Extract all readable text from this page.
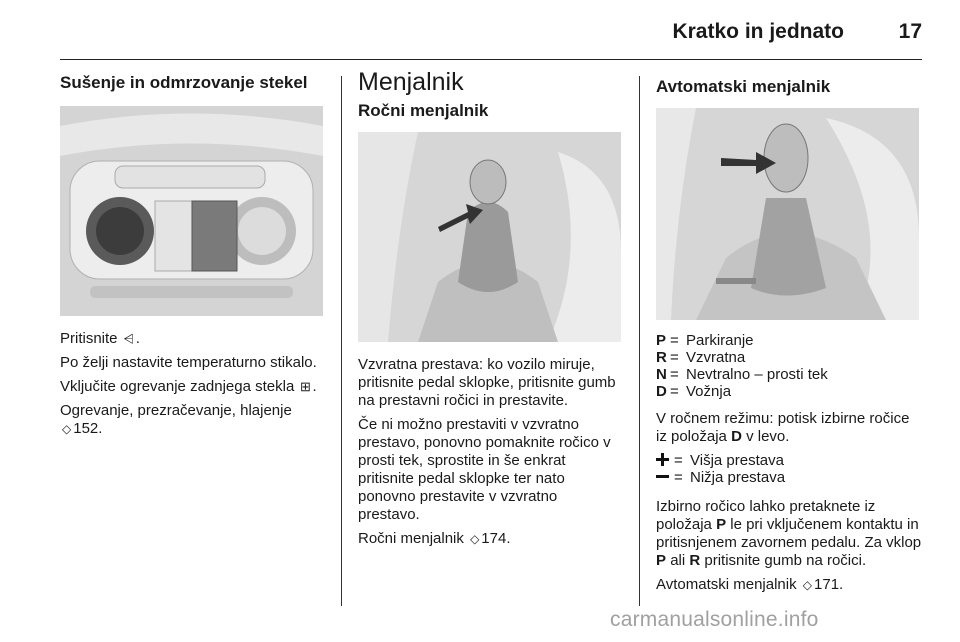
Kratko in jednato	17
Sušenje in odmrzovanje stekel

Pritisnite ⩤ .

Po želji nastavite temperaturno stikalo.

Vključite ogrevanje zadnjega stekla ⊞ .

Ogrevanje, prezračevanje, hlajenje
◇ 152.

Menjalnik
Ročni menjalnik

Vzvratna prestava: ko vozilo miruje, pritisnite pedal sklopke, pritisnite gumb na prestavni ročici in prestavite.

Če ni možno prestaviti v vzvratno prestavo, ponovno pomaknite ročico v prosti tek, sprostite in še enkrat pritisnite pedal sklopke ter nato ponovno prestavite v vzvratno prestavo.

Ročni menjalnik ◇ 174.

Avtomatski menjalnik
P = Parkiranje
R = Vzvratna
N = Nevtralno – prosti tek
D = Vožnja

V ročnem režimu: potisk izbirne ročice iz položaja D v levo.

= Višja prestava
= Nižja prestava

Izbirno ročico lahko pretaknete iz položaja P le pri vključenem kontaktu in pritisnjenem zavornem pedalu. Za vklop P ali R pritisnite gumb na ročici.

Avtomatski menjalnik ◇ 171.

carmanualsonline.info
